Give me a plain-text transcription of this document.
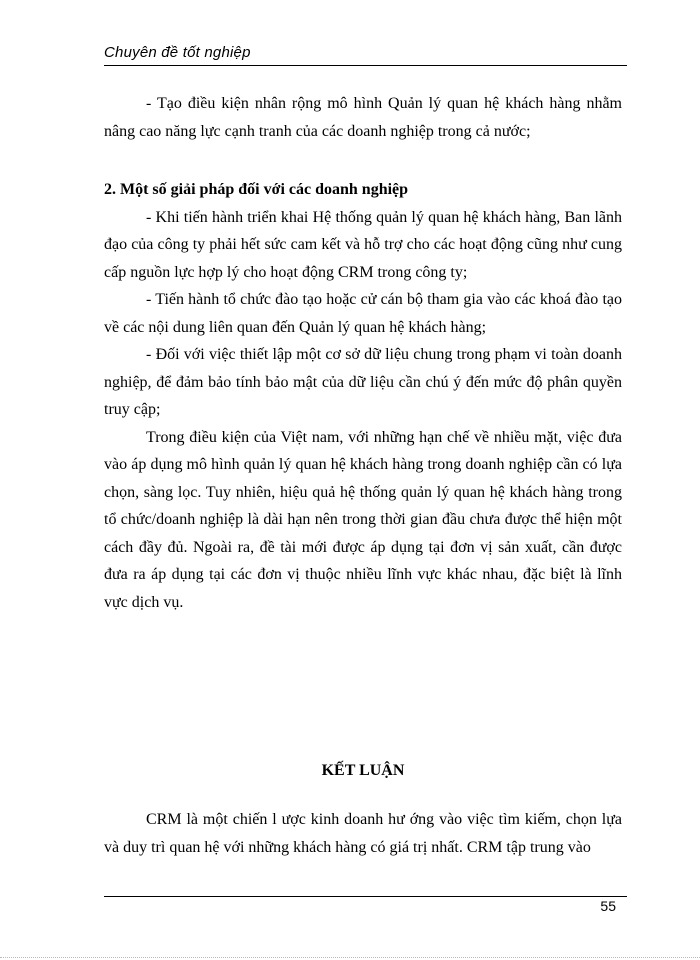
Chuyên đề tốt nghiệp

- Tạo điều kiện nhân rộng mô hình Quản lý quan hệ khách hàng nhằm nâng cao năng lực cạnh tranh của các doanh nghiệp trong cả nước;

2. Một số giải pháp đối với các doanh nghiệp

- Khi tiến hành triển khai Hệ thống quản lý quan hệ khách hàng, Ban lãnh đạo của công ty phải hết sức cam kết và hỗ trợ cho các hoạt động cũng như cung cấp nguồn lực hợp lý cho hoạt động CRM trong công ty;

- Tiến hành tổ chức đào tạo hoặc cử cán bộ tham gia vào các khoá đào tạo về các nội dung liên quan đến Quản lý quan hệ khách hàng;

- Đối với việc thiết lập một cơ sở dữ liệu chung trong phạm vi toàn doanh nghiệp, để đảm bảo tính bảo mật của dữ liệu cần chú ý đến mức độ phân quyền truy cập;

Trong điều kiện của Việt nam, với những hạn chế về nhiều mặt, việc đưa vào áp dụng mô hình quản lý quan hệ khách hàng trong doanh nghiệp cần có lựa chọn, sàng lọc. Tuy nhiên, hiệu quả hệ thống quản lý quan hệ khách hàng trong tổ chức/doanh nghiệp là dài hạn nên trong thời gian đầu chưa được thể hiện một cách đầy đủ. Ngoài ra, đề tài mới được áp dụng tại đơn vị sản xuất, cần được đưa ra áp dụng tại các đơn vị thuộc nhiều lĩnh vực khác nhau, đặc biệt là lĩnh vực dịch vụ.

KẾT LUẬN

CRM là một chiến l ược kinh doanh hư ớng vào việc tìm kiếm, chọn lựa và duy trì quan hệ với những khách hàng có giá trị nhất. CRM tập trung vào

55
